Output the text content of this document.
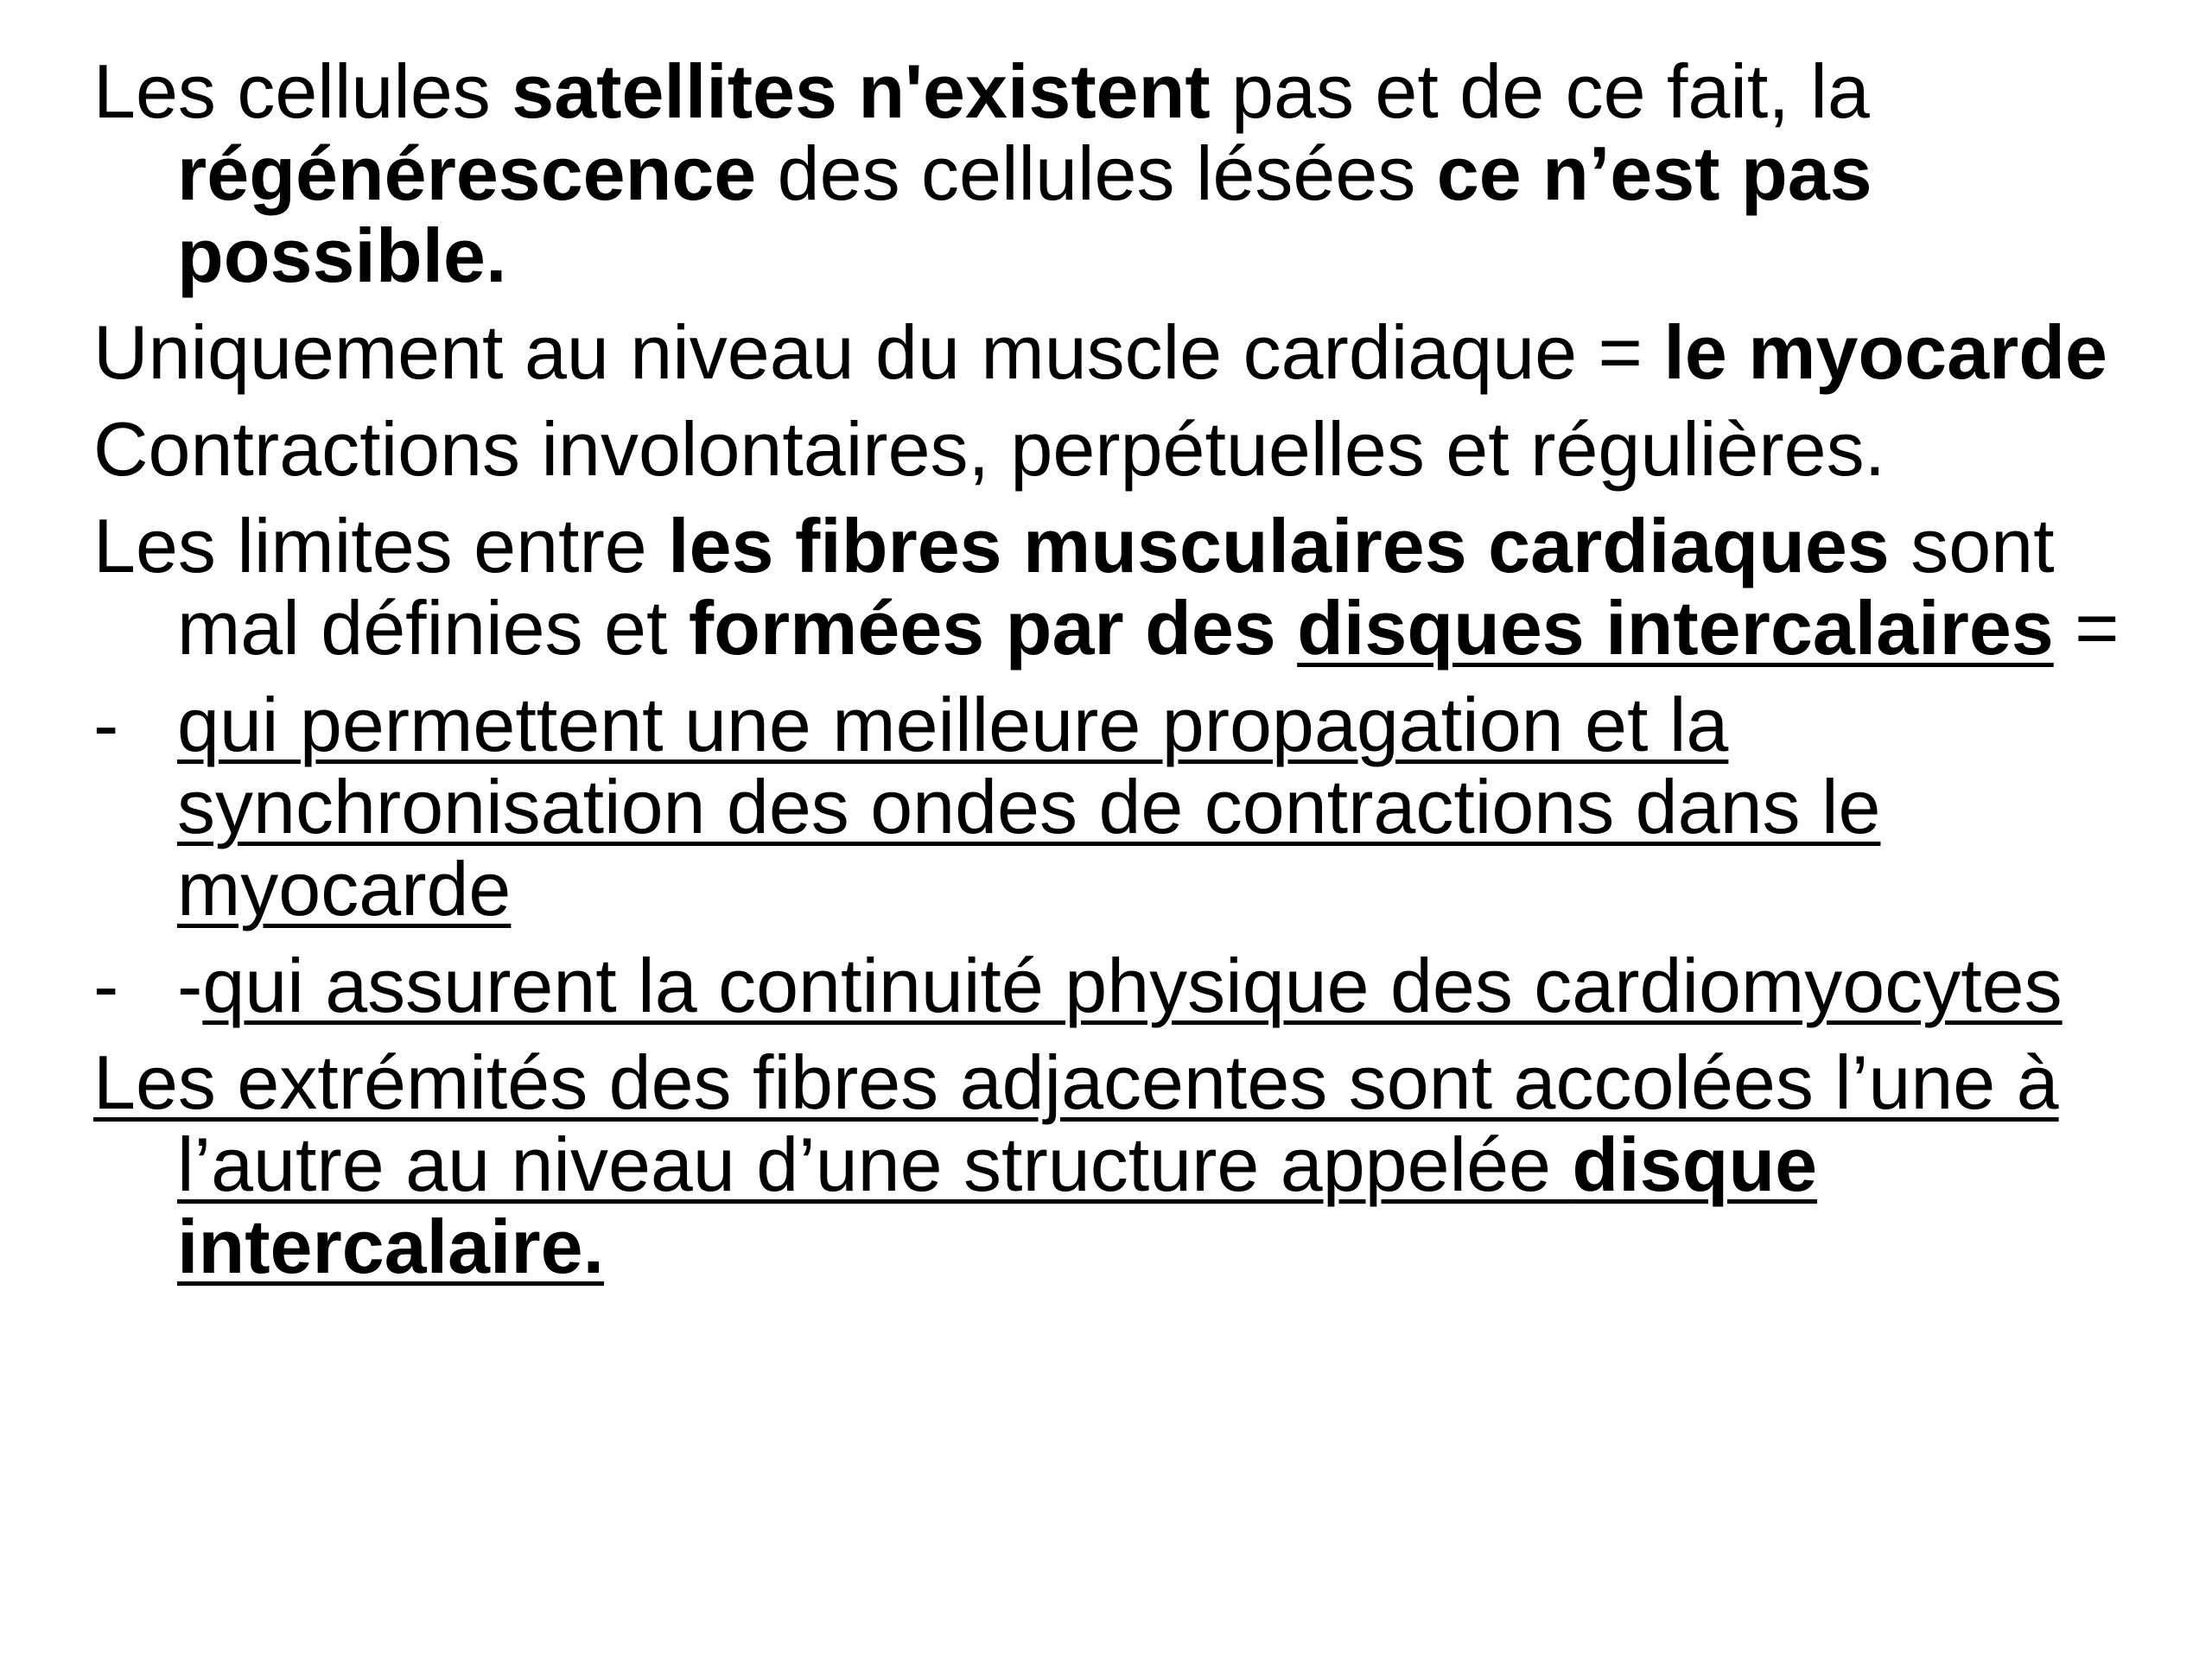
Les cellules satellites n'existent pas et de ce fait, la régénérescence des cellules lésées ce n’est pas possible.

Uniquement au niveau du muscle cardiaque = le myocarde

Contractions involontaires, perpétuelles et régulières.

Les limites entre les fibres musculaires cardiaques sont mal définies et formées par des disques intercalaires =

- qui permettent une meilleure propagation et la synchronisation des ondes de contractions dans le myocarde

- -qui assurent la continuité physique des cardiomyocytes

Les extrémités des fibres adjacentes sont accolées l’une à l’autre au niveau d’une structure appelée disque intercalaire.
